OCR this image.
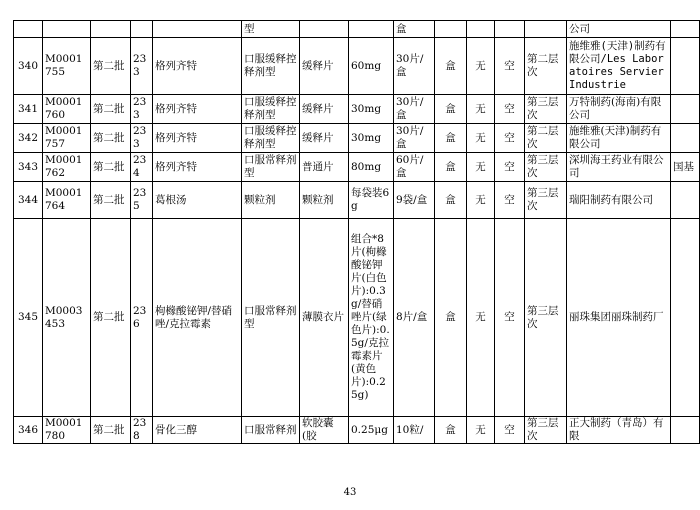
					型			盒					公司	
340	M0001755	第二批	233	格列齐特	口服缓释控释剂型	缓释片	60mg	30片/盒	盒	无	空	第二层次	施维雅(天津)制药有限公司/Les Laboratoires Servier Industrie	
341	M0001760	第二批	233	格列齐特	口服缓释控释剂型	缓释片	30mg	30片/盒	盒	无	空	第三层次	万特制药(海南)有限公司	
342	M0001757	第二批	233	格列齐特	口服缓释控释剂型	缓释片	30mg	30片/盒	盒	无	空	第二层次	施维雅(天津)制药有限公司	
343	M0001762	第二批	234	格列齐特	口服常释剂型	普通片	80mg	60片/盒	盒	无	空	第三层次	深圳海王药业有限公司	国基
344	M0001764	第二批	235	葛根汤	颗粒剂	颗粒剂	每袋装6g	9袋/盒	盒	无	空	第三层次	瑞阳制药有限公司	
345	M0003453	第二批	236	枸橼酸铋钾/替硝唑/克拉霉素	口服常释剂型	薄膜衣片	组合*8片(枸橼酸铋钾片(白色片):0.3g/替硝唑片(绿色片):0.5g/克拉霉素片(黄色片):0.25g)	8片/盒	盒	无	空	第三层次	丽珠集团丽珠制药厂	
346	M0001780	第二批	238	骨化三醇	口服常释剂	软胶囊(胶	0.25μg	10粒/	盒	无	空	第三层次	正大制药（青岛）有限	
43
